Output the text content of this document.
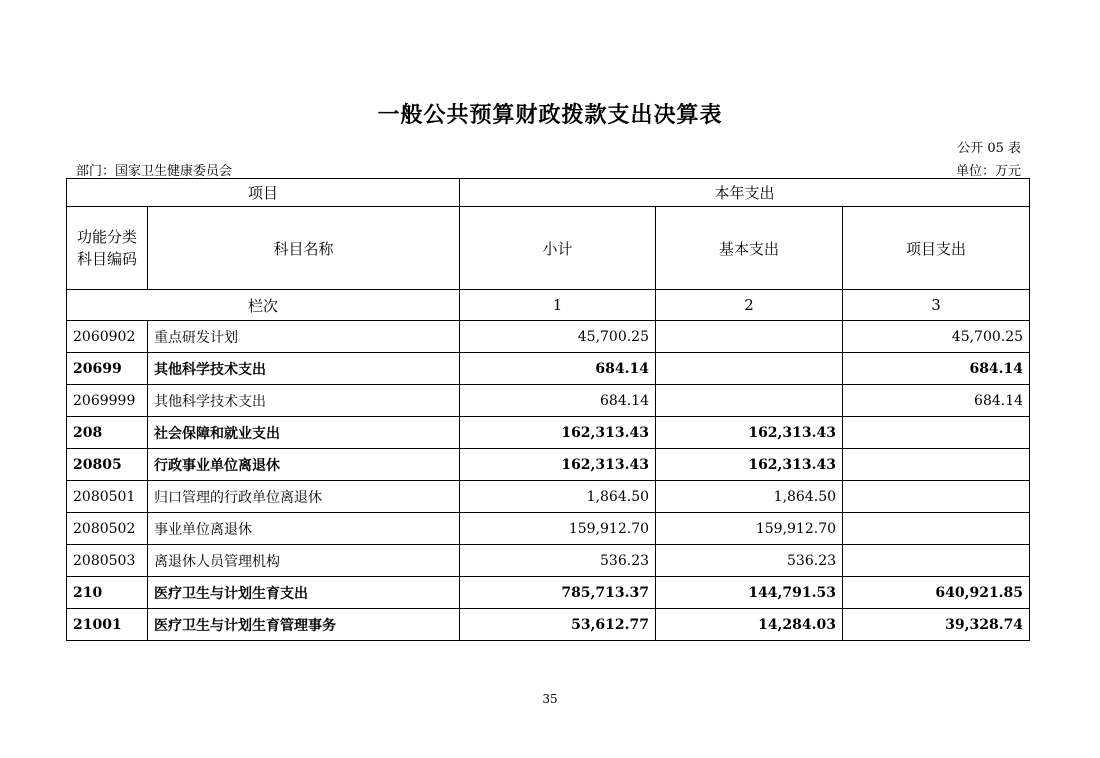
一般公共预算财政拨款支出决算表
公开 05 表
部门：国家卫生健康委员会	单位：万元
项目		本年支出		
功能分类
科目编码	科目名称	小计	基本支出	项目支出
栏次		1	2	3
2060902	重点研发计划	45,700.25		45,700.25
20699	其他科学技术支出	684.14		684.14
2069999	其他科学技术支出	684.14		684.14
208	社会保障和就业支出	162,313.43	162,313.43	
20805	行政事业单位离退休	162,313.43	162,313.43	
2080501	归口管理的行政单位离退休	1,864.50	1,864.50	
2080502	事业单位离退休	159,912.70	159,912.70	
2080503	离退休人员管理机构	536.23	536.23	
210	医疗卫生与计划生育支出	785,713.37	144,791.53	640,921.85
21001	医疗卫生与计划生育管理事务	53,612.77	14,284.03	39,328.74
35
